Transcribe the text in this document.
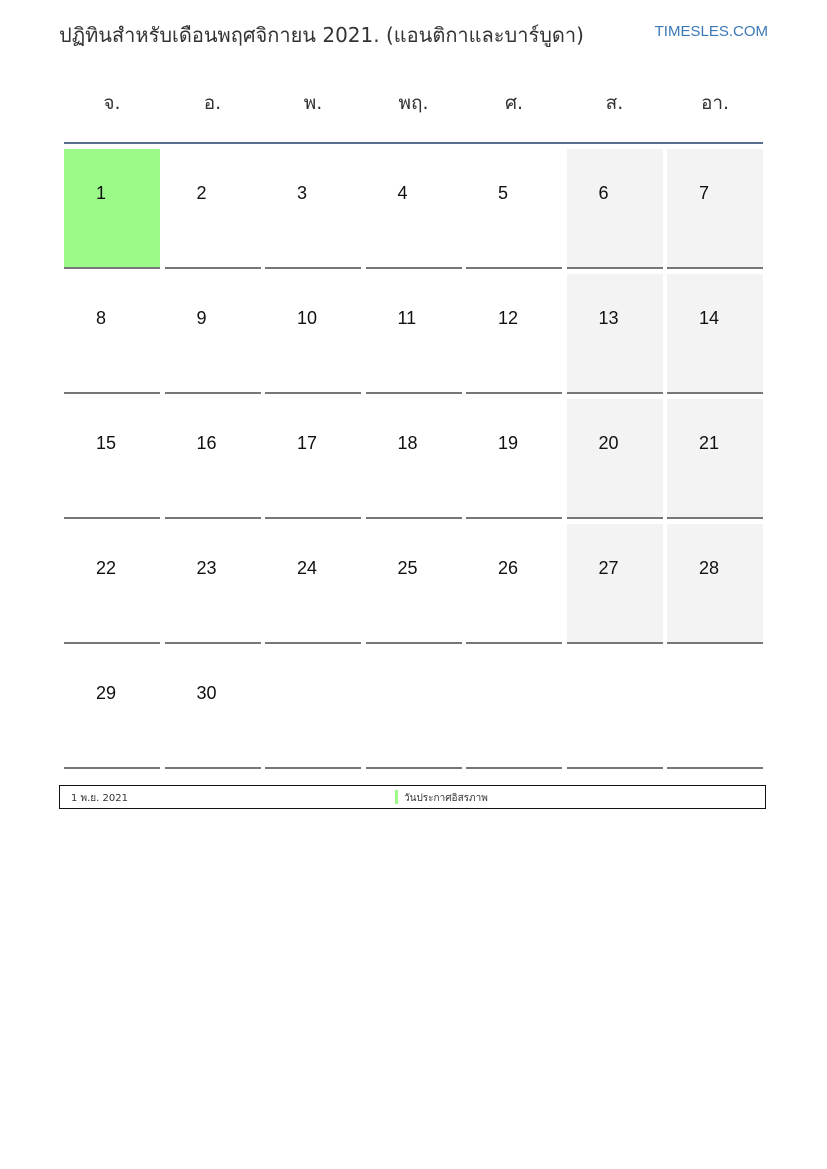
ปฏิทินสำหรับเดือนพฤศจิกายน 2021. (แอนติกาและบาร์บูดา)	TIMESLES.COM
จ.	อ.	พ.	พฤ.	ศ.	ส.	อา.
1	2	3	4	5	6	7
8	9	10	11	12	13	14
15	16	17	18	19	20	21
22	23	24	25	26	27	28
29	30
1 พ.ย. 2021	วันประกาศอิสรภาพ
